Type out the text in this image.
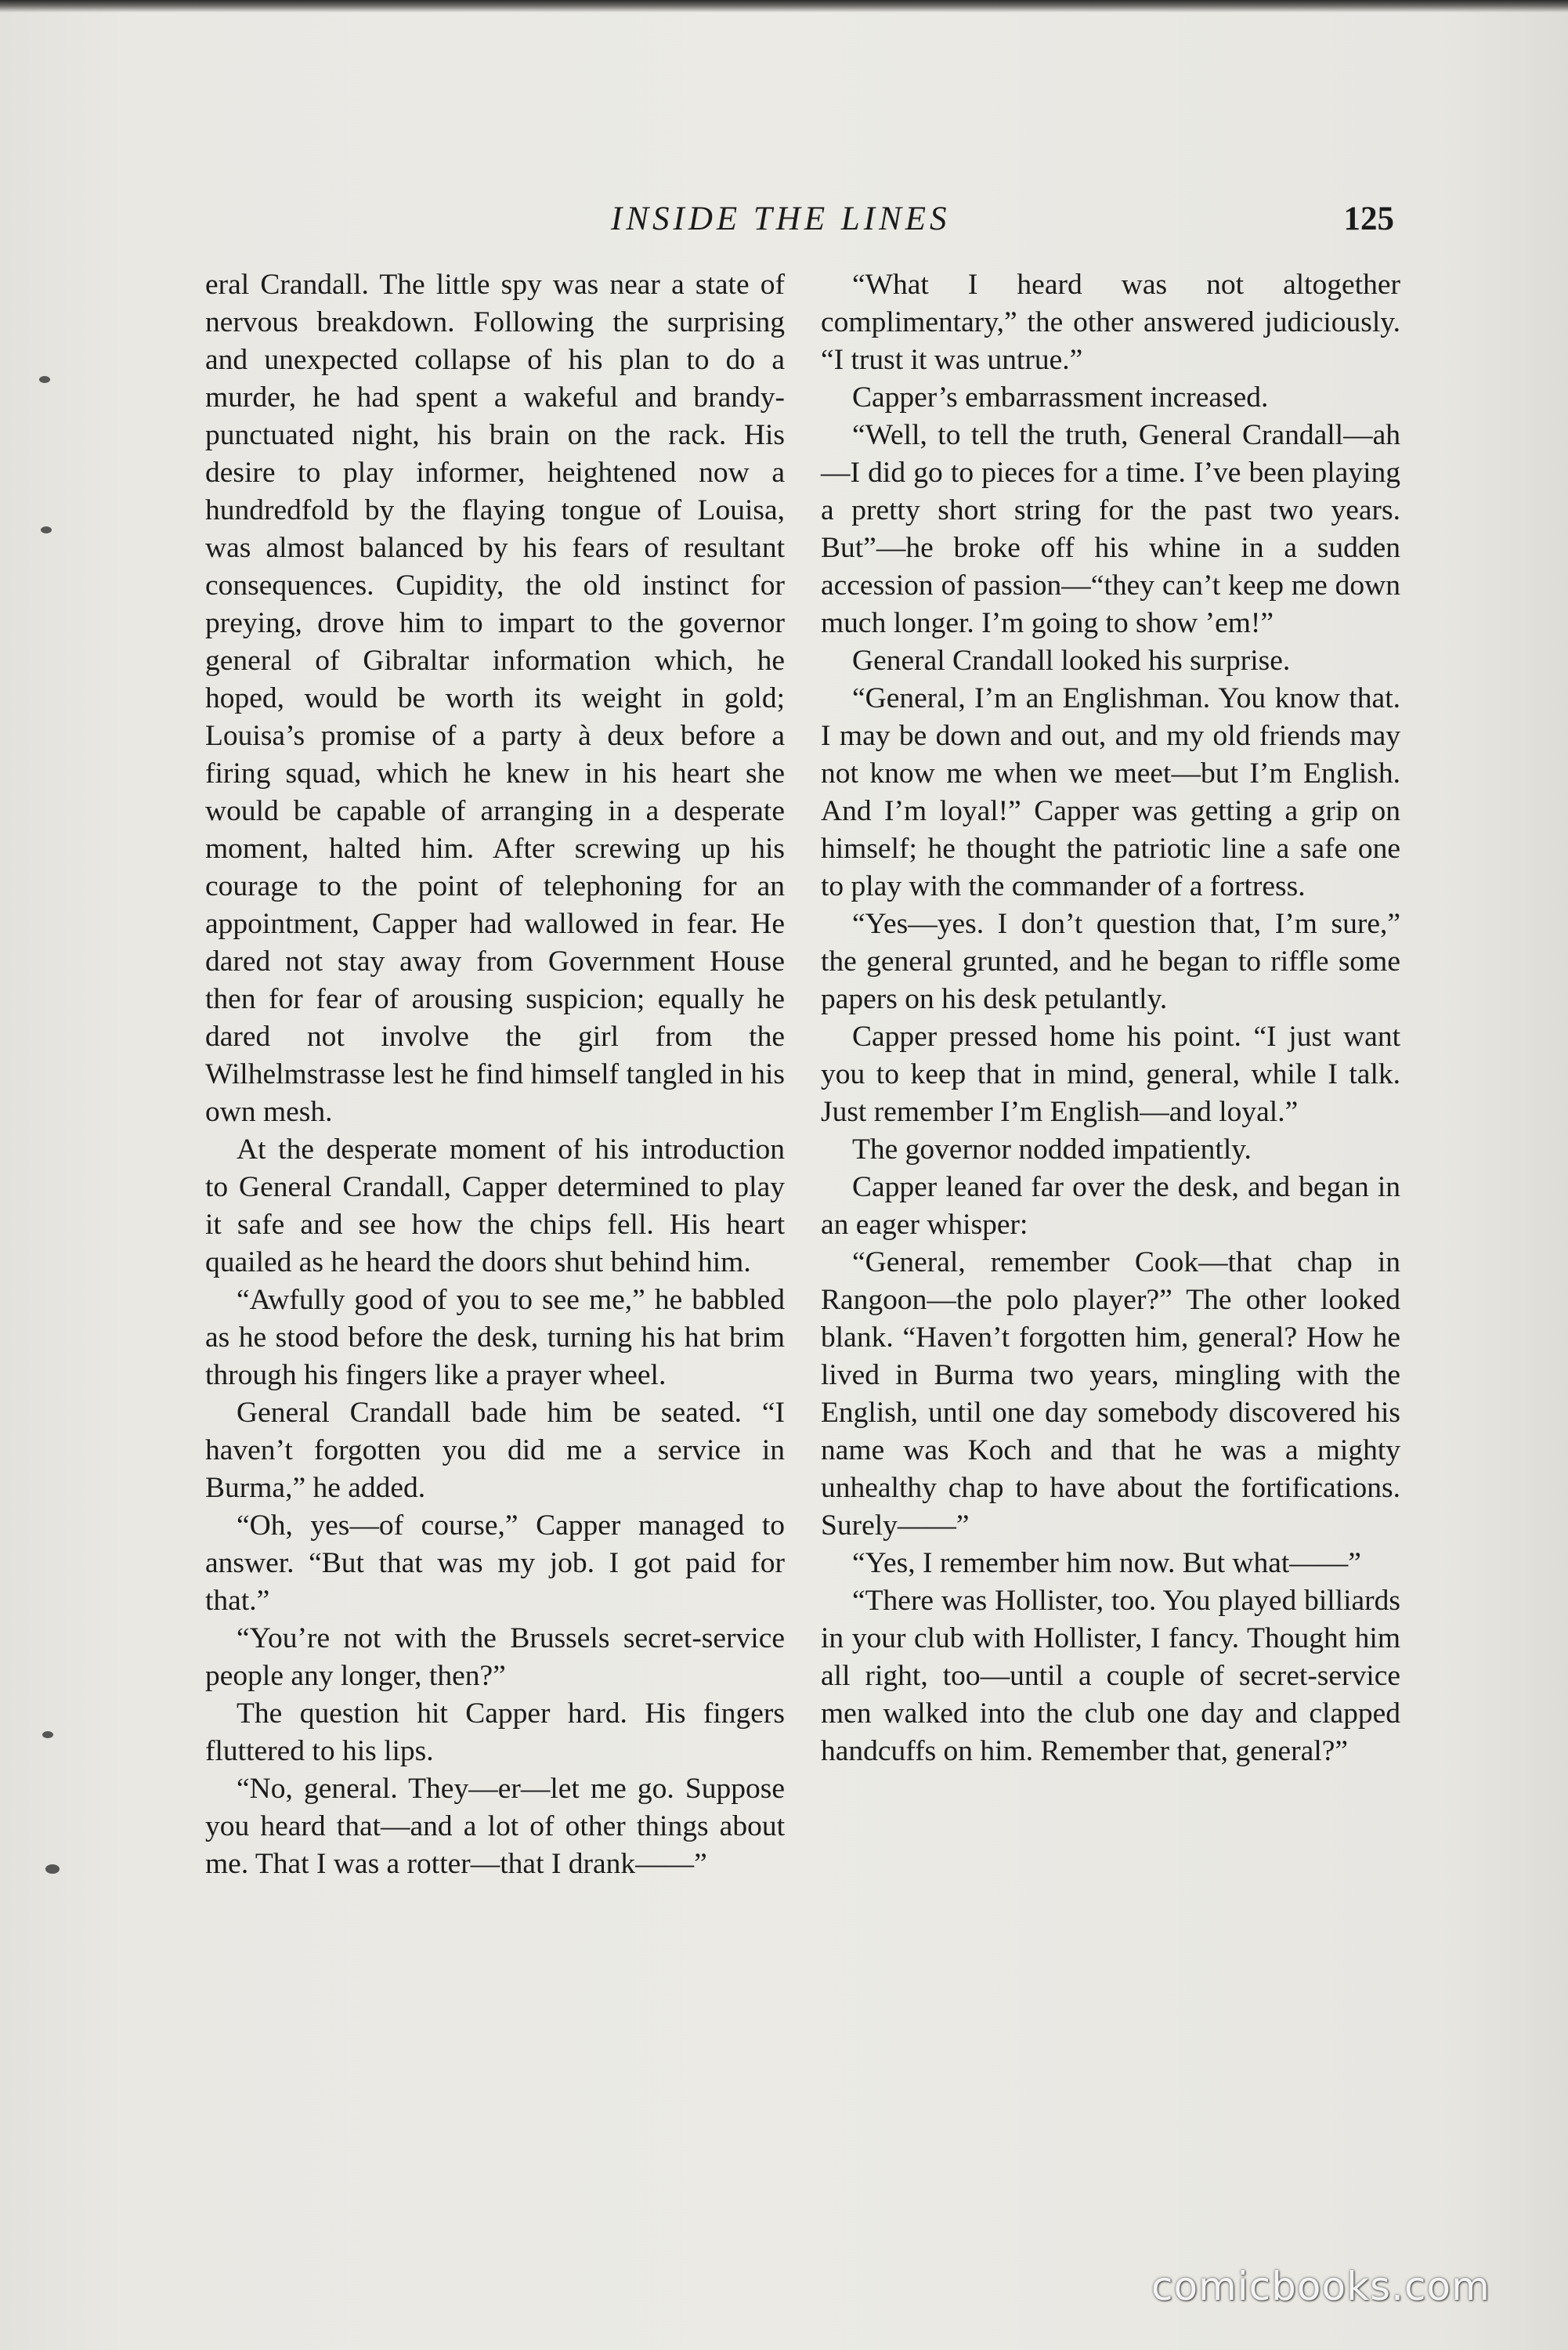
INSIDE THE LINES	125

eral Crandall. The little spy was near a state of nervous breakdown. Following the surprising and unexpected collapse of his plan to do a murder, he had spent a wakeful and brandy-punctuated night, his brain on the rack. His desire to play informer, heightened now a hundredfold by the flaying tongue of Louisa, was almost balanced by his fears of resultant consequences. Cupidity, the old instinct for preying, drove him to impart to the governor general of Gibraltar information which, he hoped, would be worth its weight in gold; Louisa’s promise of a party à deux before a firing squad, which he knew in his heart she would be capable of arranging in a desperate moment, halted him. After screwing up his courage to the point of telephoning for an appointment, Capper had wallowed in fear. He dared not stay away from Government House then for fear of arousing suspicion; equally he dared not involve the girl from the Wilhelmstrasse lest he find himself tangled in his own mesh.

At the desperate moment of his introduction to General Crandall, Capper determined to play it safe and see how the chips fell. His heart quailed as he heard the doors shut behind him.

“Awfully good of you to see me,” he babbled as he stood before the desk, turning his hat brim through his fingers like a prayer wheel.

General Crandall bade him be seated. “I haven’t forgotten you did me a service in Burma,” he added.

“Oh, yes—of course,” Capper managed to answer. “But that was my job. I got paid for that.”

“You’re not with the Brussels secret-service people any longer, then?”

The question hit Capper hard. His fingers fluttered to his lips.

“No, general. They—er—let me go. Suppose you heard that—and a lot of other things about me. That I was a rotter—that I drank——”

“What I heard was not altogether complimentary,” the other answered judiciously. “I trust it was untrue.”

Capper’s embarrassment increased.

“Well, to tell the truth, General Crandall—ah—I did go to pieces for a time. I’ve been playing a pretty short string for the past two years. But”—he broke off his whine in a sudden accession of passion—“they can’t keep me down much longer. I’m going to show ’em!”

General Crandall looked his surprise.

“General, I’m an Englishman. You know that. I may be down and out, and my old friends may not know me when we meet—but I’m English. And I’m loyal!” Capper was getting a grip on himself; he thought the patriotic line a safe one to play with the commander of a fortress.

“Yes—yes. I don’t question that, I’m sure,” the general grunted, and he began to riffle some papers on his desk petulantly.

Capper pressed home his point. “I just want you to keep that in mind, general, while I talk. Just remember I’m English—and loyal.”

The governor nodded impatiently.

Capper leaned far over the desk, and began in an eager whisper:

“General, remember Cook—that chap in Rangoon—the polo player?” The other looked blank. “Haven’t forgotten him, general? How he lived in Burma two years, mingling with the English, until one day somebody discovered his name was Koch and that he was a mighty unhealthy chap to have about the fortifications. Surely——”

“Yes, I remember him now. But what——”

“There was Hollister, too. You played billiards in your club with Hollister, I fancy. Thought him all right, too—until a couple of secret-service men walked into the club one day and clapped handcuffs on him. Remember that, general?”

comicbooks.com
